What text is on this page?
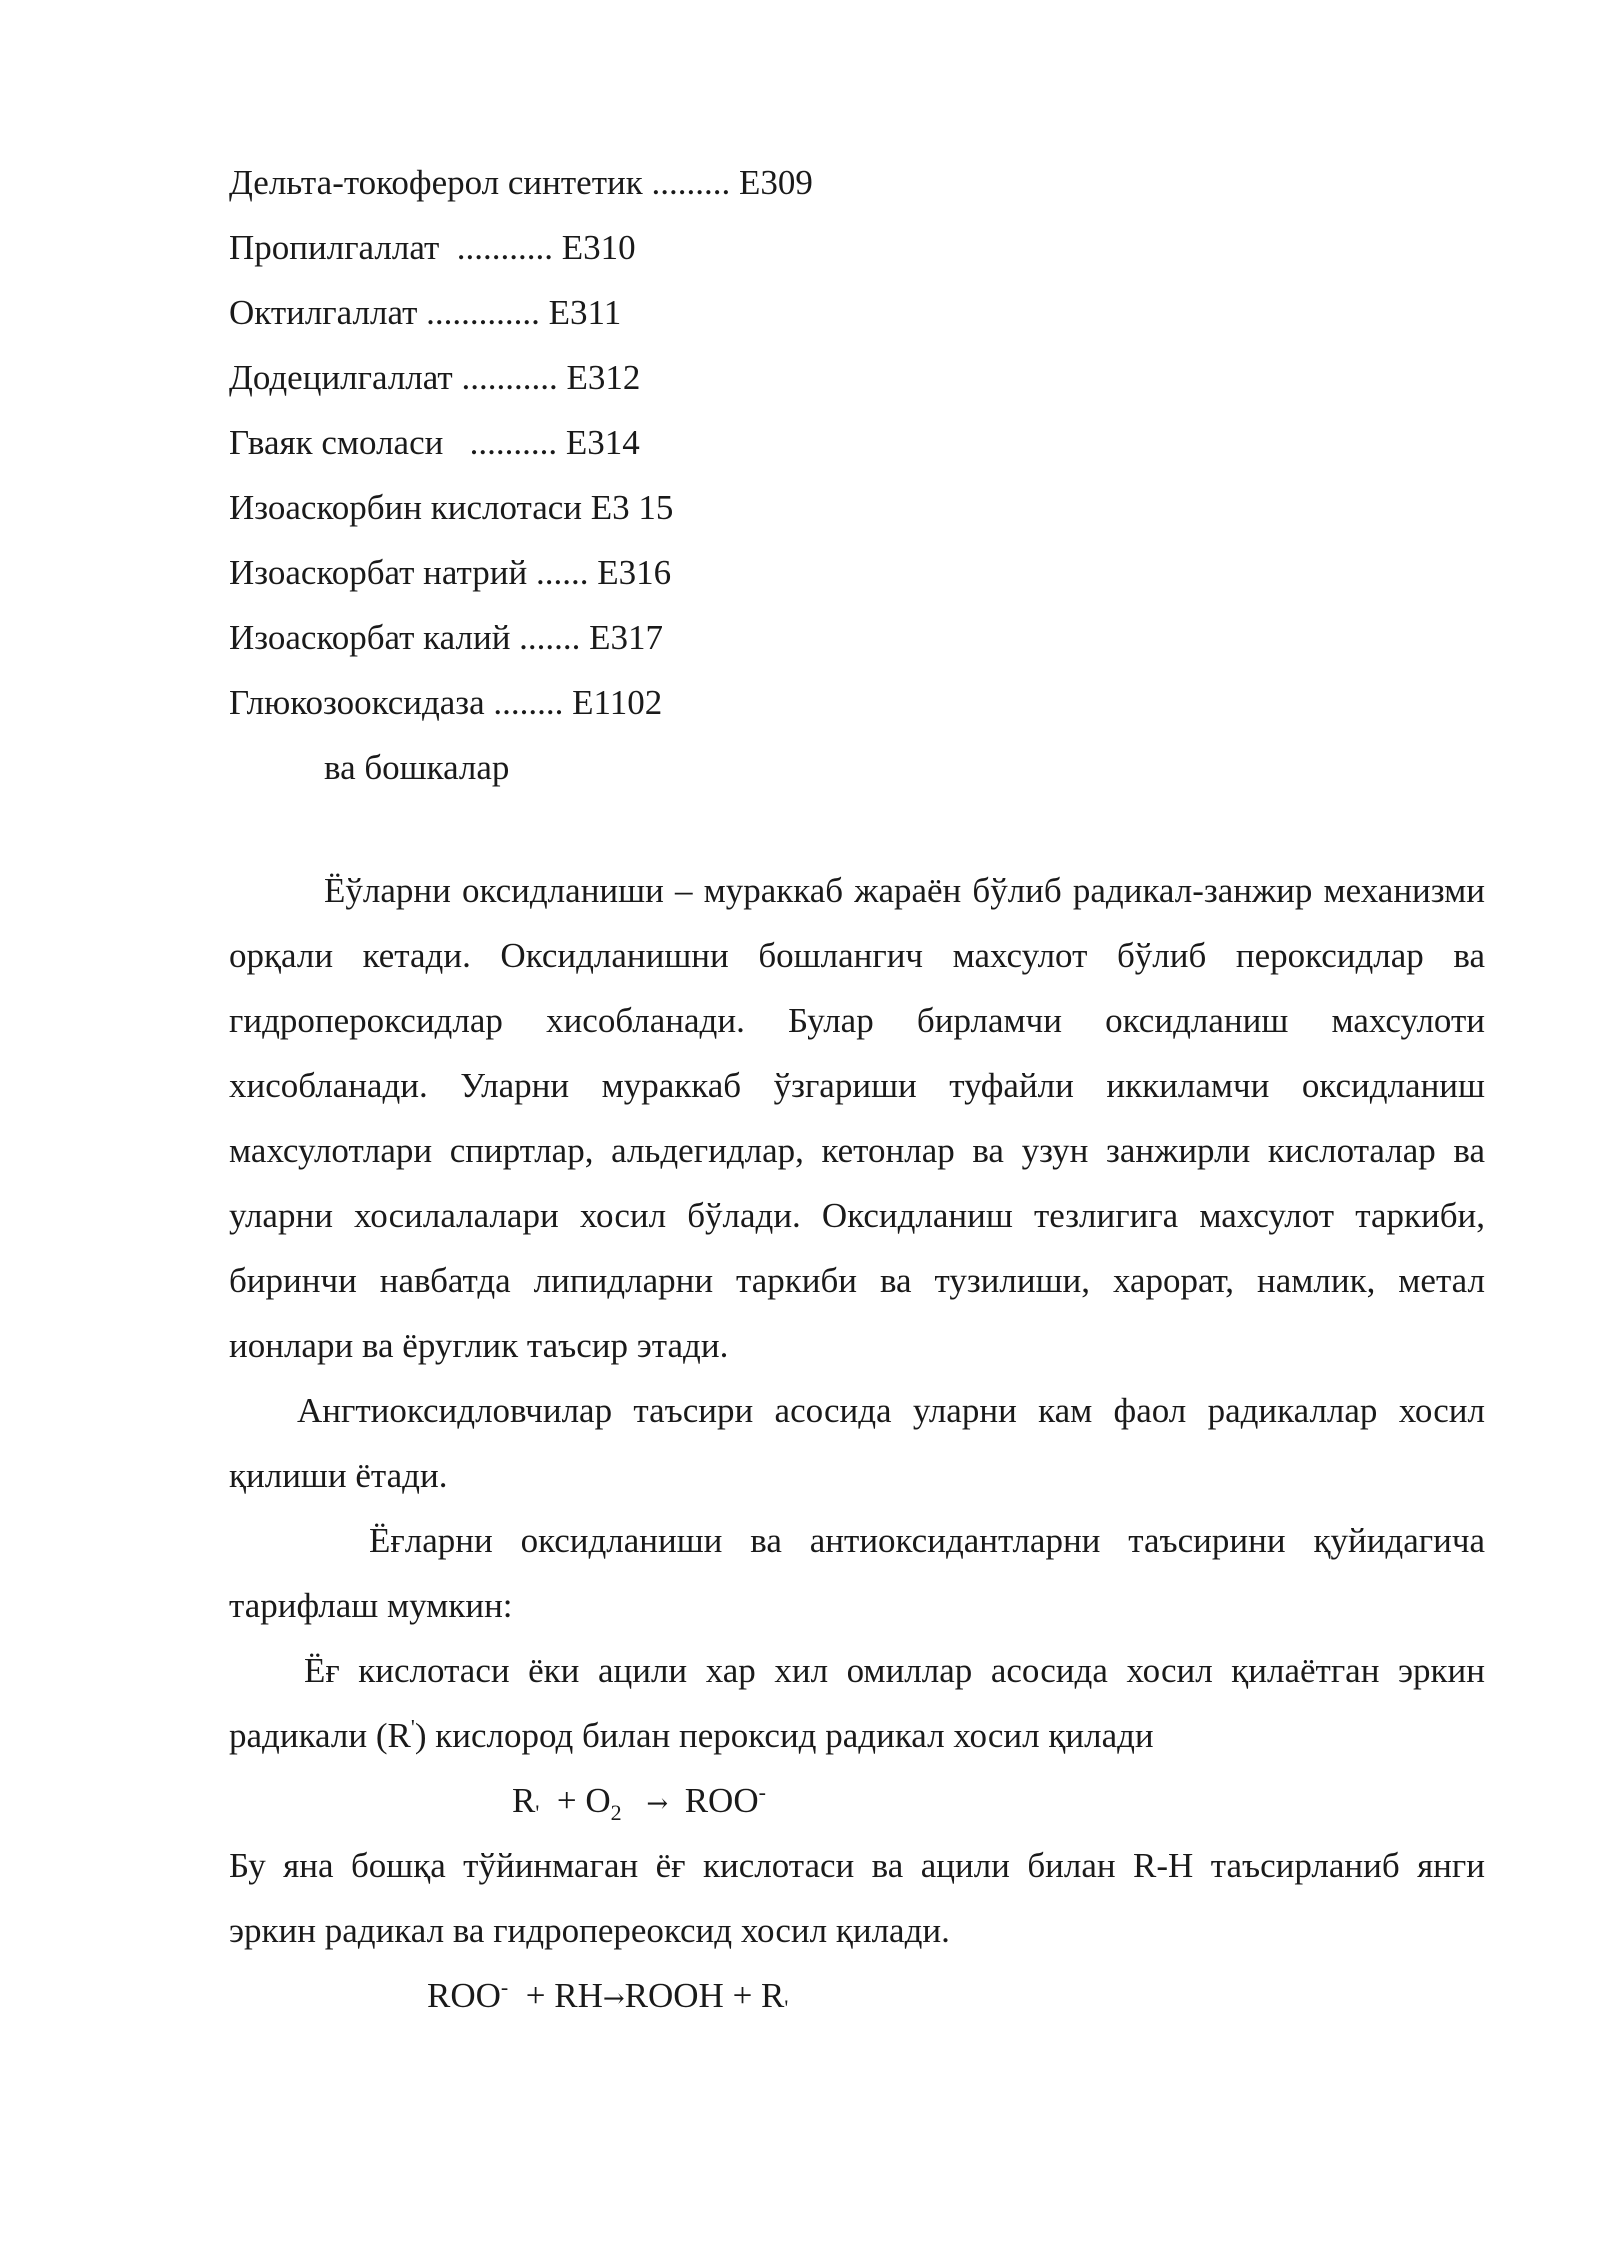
Дельта-токоферол синтетик ......... Е309
Пропилгаллат  ........... Е310
Октилгаллат ............. Е311
Додецилгаллат ........... Е312
Гваяк смоласи   .......... Е314
Изоаскорбин кислотаси Е3 15
Изоаскорбат натрий ...... Е316
Изоаскорбат калий ....... Е317
Глюкозооксидаза ........ Е1102
ва бошкалар

Ёўларни оксидланиши – мураккаб жараён бўлиб радикал-занжир механизми орқали кетади. Оксидланишни бошлангич махсулот бўлиб пероксидлар ва гидропероксидлар хисобланади. Булар бирламчи оксидланиш махсулоти хисобланади. Уларни мураккаб ўзгариши туфайли иккиламчи оксидланиш махсулотлари спиртлар, альдегидлар, кетонлар ва узун занжирли кислоталар ва уларни хосилалалари хосил бўлади. Оксидланиш тезлигига махсулот таркиби, биринчи навбатда липидларни таркиби ва тузилиши, харорат, намлик, метал ионлари ва ёруглик таъсир этади.

Ангтиоксидловчилар таъсири асосида уларни кам фаол радикаллар хосил қилиши ётади.

Ёғларни оксидланиши ва антиоксидантларни таъсирини қуйидагича тарифлаш мумкин:

Ёғ кислотаси ёки ацили хар хил омиллар асосида хосил қилаётган эркин радикали (R') кислород билан пероксид радикал хосил қилади

$R' + O_2 \to ROO^-$

Бу яна бошқа тўйинмаган ёғ кислотаси ва ацили билан R-H таъсирланиб янги эркин радикал ва гидропереоксид хосил қилади.

ROO-  + RH→ROOH + $R'$
